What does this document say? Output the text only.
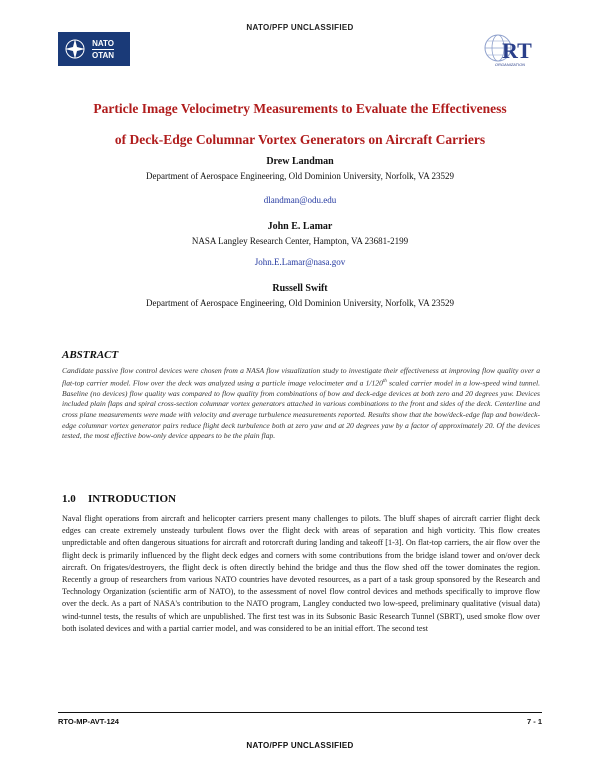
NATO/PFP UNCLASSIFIED
NATO
OTAN	RT
ORGANIZATION
Particle Image Velocimetry Measurements to Evaluate the Effectiveness
of Deck-Edge Columnar Vortex Generators on Aircraft Carriers
Drew Landman
Department of Aerospace Engineering, Old Dominion University, Norfolk, VA 23529
dlandman@odu.edu
John E. Lamar
NASA Langley Research Center, Hampton, VA 23681-2199
John.E.Lamar@nasa.gov
Russell Swift
Department of Aerospace Engineering, Old Dominion University, Norfolk, VA 23529
ABSTRACT
Candidate passive flow control devices were chosen from a NASA flow visualization study to investigate their effectiveness at improving flow quality over a flat-top carrier model. Flow over the deck was analyzed using a particle image velocimeter and a 1/120th scaled carrier model in a low-speed wind tunnel. Baseline (no devices) flow quality was compared to flow quality from combinations of bow and deck-edge devices at both zero and 20 degrees yaw. Devices included plain flaps and spiral cross-section columnar vortex generators attached in various combinations to the front and sides of the deck. Centerline and cross plane measurements were made with velocity and average turbulence measurements reported. Results show that the bow/deck-edge flap and bow/deck-edge columnar vortex generator pairs reduce flight deck turbulence both at zero yaw and at 20 degrees yaw by a factor of approximately 20. Of the devices tested, the most effective bow-only device appears to be the plain flap.
1.0 INTRODUCTION
Naval flight operations from aircraft and helicopter carriers present many challenges to pilots. The bluff shapes of aircraft carrier flight deck edges can create extremely unsteady turbulent flows over the flight deck with areas of separation and high vorticity. This flow creates unpredictable and often dangerous situations for aircraft and rotorcraft during landing and takeoff [1-3]. On flat-top carriers, the air flow over the flight deck is primarily influenced by the flight deck edges and corners with some contributions from the bridge island tower and on/over deck aircraft. On frigates/destroyers, the flight deck is often directly behind the bridge and thus the flow shed off the tower dominates the region. Recently a group of researchers from various NATO countries have devoted resources, as a part of a task group sponsored by the Research and Technology Organization (scientific arm of NATO), to the assessment of novel flow control devices and methods specifically to improve flow over the deck. As a part of NASA's contribution to the NATO program, Langley conducted two low-speed, preliminary qualitative (visual data) wind-tunnel tests, the results of which are unpublished. The first test was in its Subsonic Basic Research Tunnel (SBRT), used smoke flow over both isolated devices and with a partial carrier model, and was considered to be an initial effort. The second test
RTO-MP-AVT-124	7 - 1
NATO/PFP UNCLASSIFIED
